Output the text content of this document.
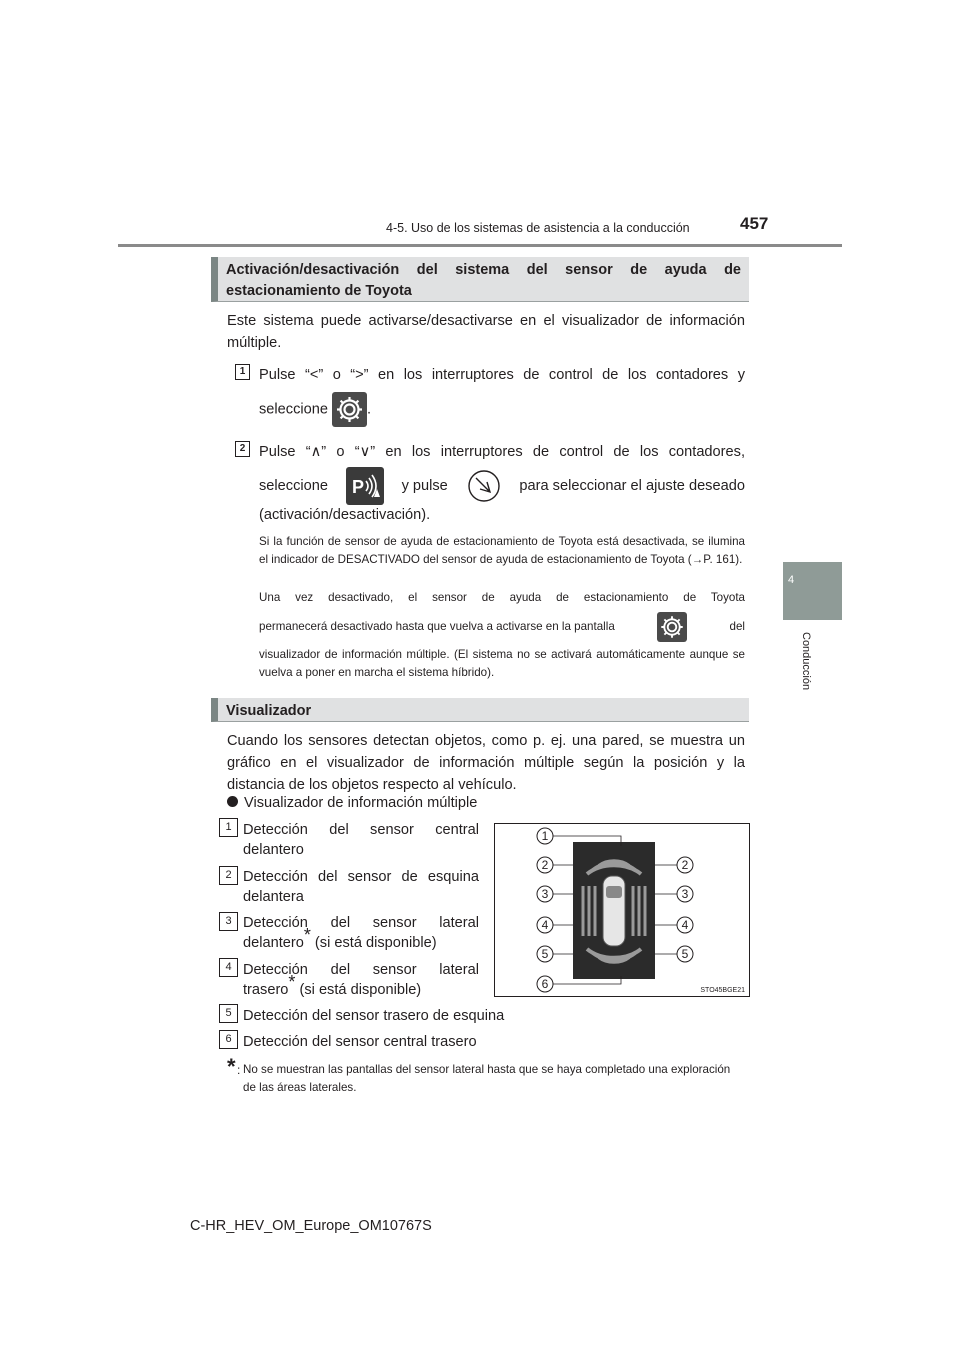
4-5. Uso de los sistemas de asistencia a la conducción	457
4
Conducción
Activación/desactivación del sistema del sensor de ayuda de estacionamiento de Toyota
Este sistema puede activarse/desactivarse en el visualizador de información múltiple.
1 Pulse “<” o “>” en los interruptores de control de los contadores y
seleccione	.
2 Pulse “∧” o “∨” en los interruptores de control de los contadores,
seleccione P	y pulse	para seleccionar el ajuste deseado
(activación/desactivación).
Si la función de sensor de ayuda de estacionamiento de Toyota está desactivada, se ilumina el indicador de DESACTIVADO del sensor de ayuda de estacionamiento de Toyota (→P. 161).
Una vez desactivado, el sensor de ayuda de estacionamiento de Toyota
permanecerá desactivado hasta que vuelva a activarse en la pantalla	del
visualizador de información múltiple. (El sistema no se activará automáticamente aunque se vuelva a poner en marcha el sistema híbrido).
Visualizador
Cuando los sensores detectan objetos, como p. ej. una pared, se muestra un gráfico en el visualizador de información múltiple según la posición y la distancia de los objetos respecto al vehículo.
Visualizador de información múltiple
1 Detección del sensor central delantero
2 Detección del sensor de esquina delantera
3 Detección del sensor lateral delantero* (si está disponible)
4 Detección del sensor lateral trasero* (si está disponible)
5 Detección del sensor trasero de esquina
6 Detección del sensor central trasero
1
2
3
4
5
6
2
3
4
5
STO45BGE21
* : No se muestran las pantallas del sensor lateral hasta que se haya completado una exploración de las áreas laterales.
C-HR_HEV_OM_Europe_OM10767S
